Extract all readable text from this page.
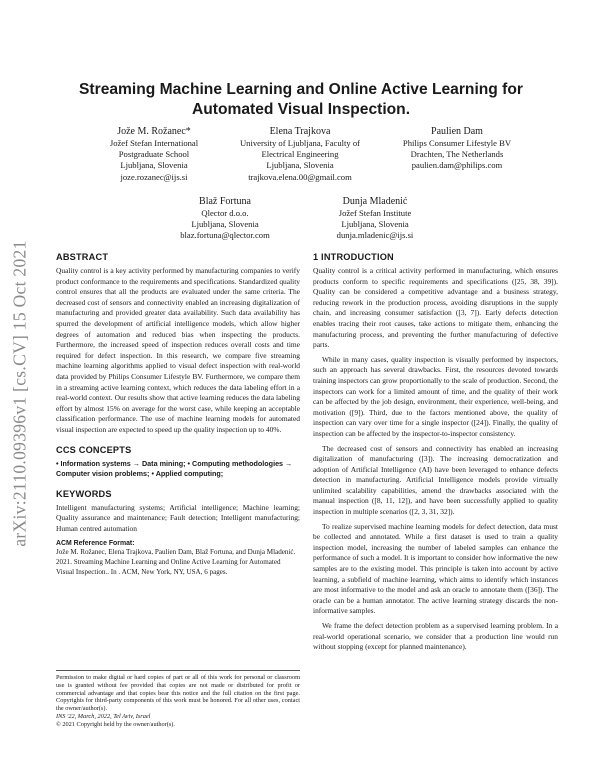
arXiv:2110.09396v1 [cs.CV] 15 Oct 2021
Streaming Machine Learning and Online Active Learning for Automated Visual Inspection.
Jože M. Rožanec*
Jožef Stefan International
Postgraduate School
Ljubljana, Slovenia
joze.rozanec@ijs.si
Elena Trajkova
University of Ljubljana, Faculty of
Electrical Engineering
Ljubljana, Slovenia
trajkova.elena.00@gmail.com
Paulien Dam
Philips Consumer Lifestyle BV
Drachten, The Netherlands
paulien.dam@philips.com
Blaž Fortuna
Qlector d.o.o.
Ljubljana, Slovenia
blaz.fortuna@qlector.com
Dunja Mladenić
Jožef Stefan Institute
Ljubljana, Slovenia
dunja.mladenic@ijs.si
ABSTRACT

Quality control is a key activity performed by manufacturing companies to verify product conformance to the requirements and specifications. Standardized quality control ensures that all the products are evaluated under the same criteria. The decreased cost of sensors and connectivity enabled an increasing digitalization of manufacturing and provided greater data availability. Such data availability has spurred the development of artificial intelligence models, which allow higher degrees of automation and reduced bias when inspecting the products. Furthermore, the increased speed of inspection reduces overall costs and time required for defect inspection. In this research, we compare five streaming machine learning algorithms applied to visual defect inspection with real-world data provided by Philips Consumer Lifestyle BV. Furthermore, we compare them in a streaming active learning context, which reduces the data labeling effort in a real-world context. Our results show that active learning reduces the data labeling effort by almost 15% on average for the worst case, while keeping an acceptable classification performance. The use of machine learning models for automated visual inspection are expected to speed up the quality inspection up to 40%.

CCS CONCEPTS

• Information systems → Data mining; • Computing methodologies → Computer vision problems; • Applied computing;

KEYWORDS

Intelligent manufacturing systems; Artificial intelligence; Machine learning; Quality assurance and maintenance; Fault detection; Intelligent manufacturing; Human centred automation

ACM Reference Format:

Jože M. Rožanec, Elena Trajkova, Paulien Dam, Blaž Fortuna, and Dunja Mladenić. 2021. Streaming Machine Learning and Online Active Learning for Automated Visual Inspection.. In . ACM, New York, NY, USA, 6 pages.

Permission to make digital or hard copies of part or all of this work for personal or classroom use is granted without fee provided that copies are not made or distributed for profit or commercial advantage and that copies bear this notice and the full citation on the first page. Copyrights for third-party components of this work must be honored. For all other uses, contact the owner/author(s).

INS '22, March, 2022, Tel Aviv, Israel

© 2021 Copyright held by the owner/author(s).

1 INTRODUCTION

Quality control is a critical activity performed in manufacturing, which ensures products conform to specific requirements and specifications ([25, 38, 39]). Quality can be considered a competitive advantage and a business strategy, reducing rework in the production process, avoiding disruptions in the supply chain, and increasing consumer satisfaction ([3, 7]). Early defects detection enables tracing their root causes, take actions to mitigate them, enhancing the manufacturing process, and preventing the further manufacturing of defective parts.

While in many cases, quality inspection is visually performed by inspectors, such an approach has several drawbacks. First, the resources devoted towards training inspectors can grow proportionally to the scale of production. Second, the inspectors can work for a limited amount of time, and the quality of their work can be affected by the job design, environment, their experience, well-being, and motivation ([9]). Third, due to the factors mentioned above, the quality of inspection can vary over time for a single inspector ([24]). Finally, the quality of inspection can be affected by the inspector-to-inspector consistency.

The decreased cost of sensors and connectivity has enabled an increasing digitalization of manufacturing ([3]). The increasing democratization and adoption of Artificial Intelligence (AI) have been leveraged to enhance defects detection in manufacturing. Artificial Intelligence models provide virtually unlimited scalability capabilities, amend the drawbacks associated with the manual inspection ([8, 11, 12]), and have been successfully applied to quality inspection in multiple scenarios ([2, 3, 31, 32]).

To realize supervised machine learning models for defect detection, data must be collected and annotated. While a first dataset is used to train a quality inspection model, increasing the number of labeled samples can enhance the performance of such a model. It is important to consider how informative the new samples are to the existing model. This principle is taken into account by active learning, a subfield of machine learning, which aims to identify which instances are most informative to the model and ask an oracle to annotate them ([36]). The oracle can be a human annotator. The active learning strategy discards the non-informative samples.

We frame the defect detection problem as a supervised learning problem. In a real-world operational scenario, we consider that a production line would run without stopping (except for planned maintenance).
